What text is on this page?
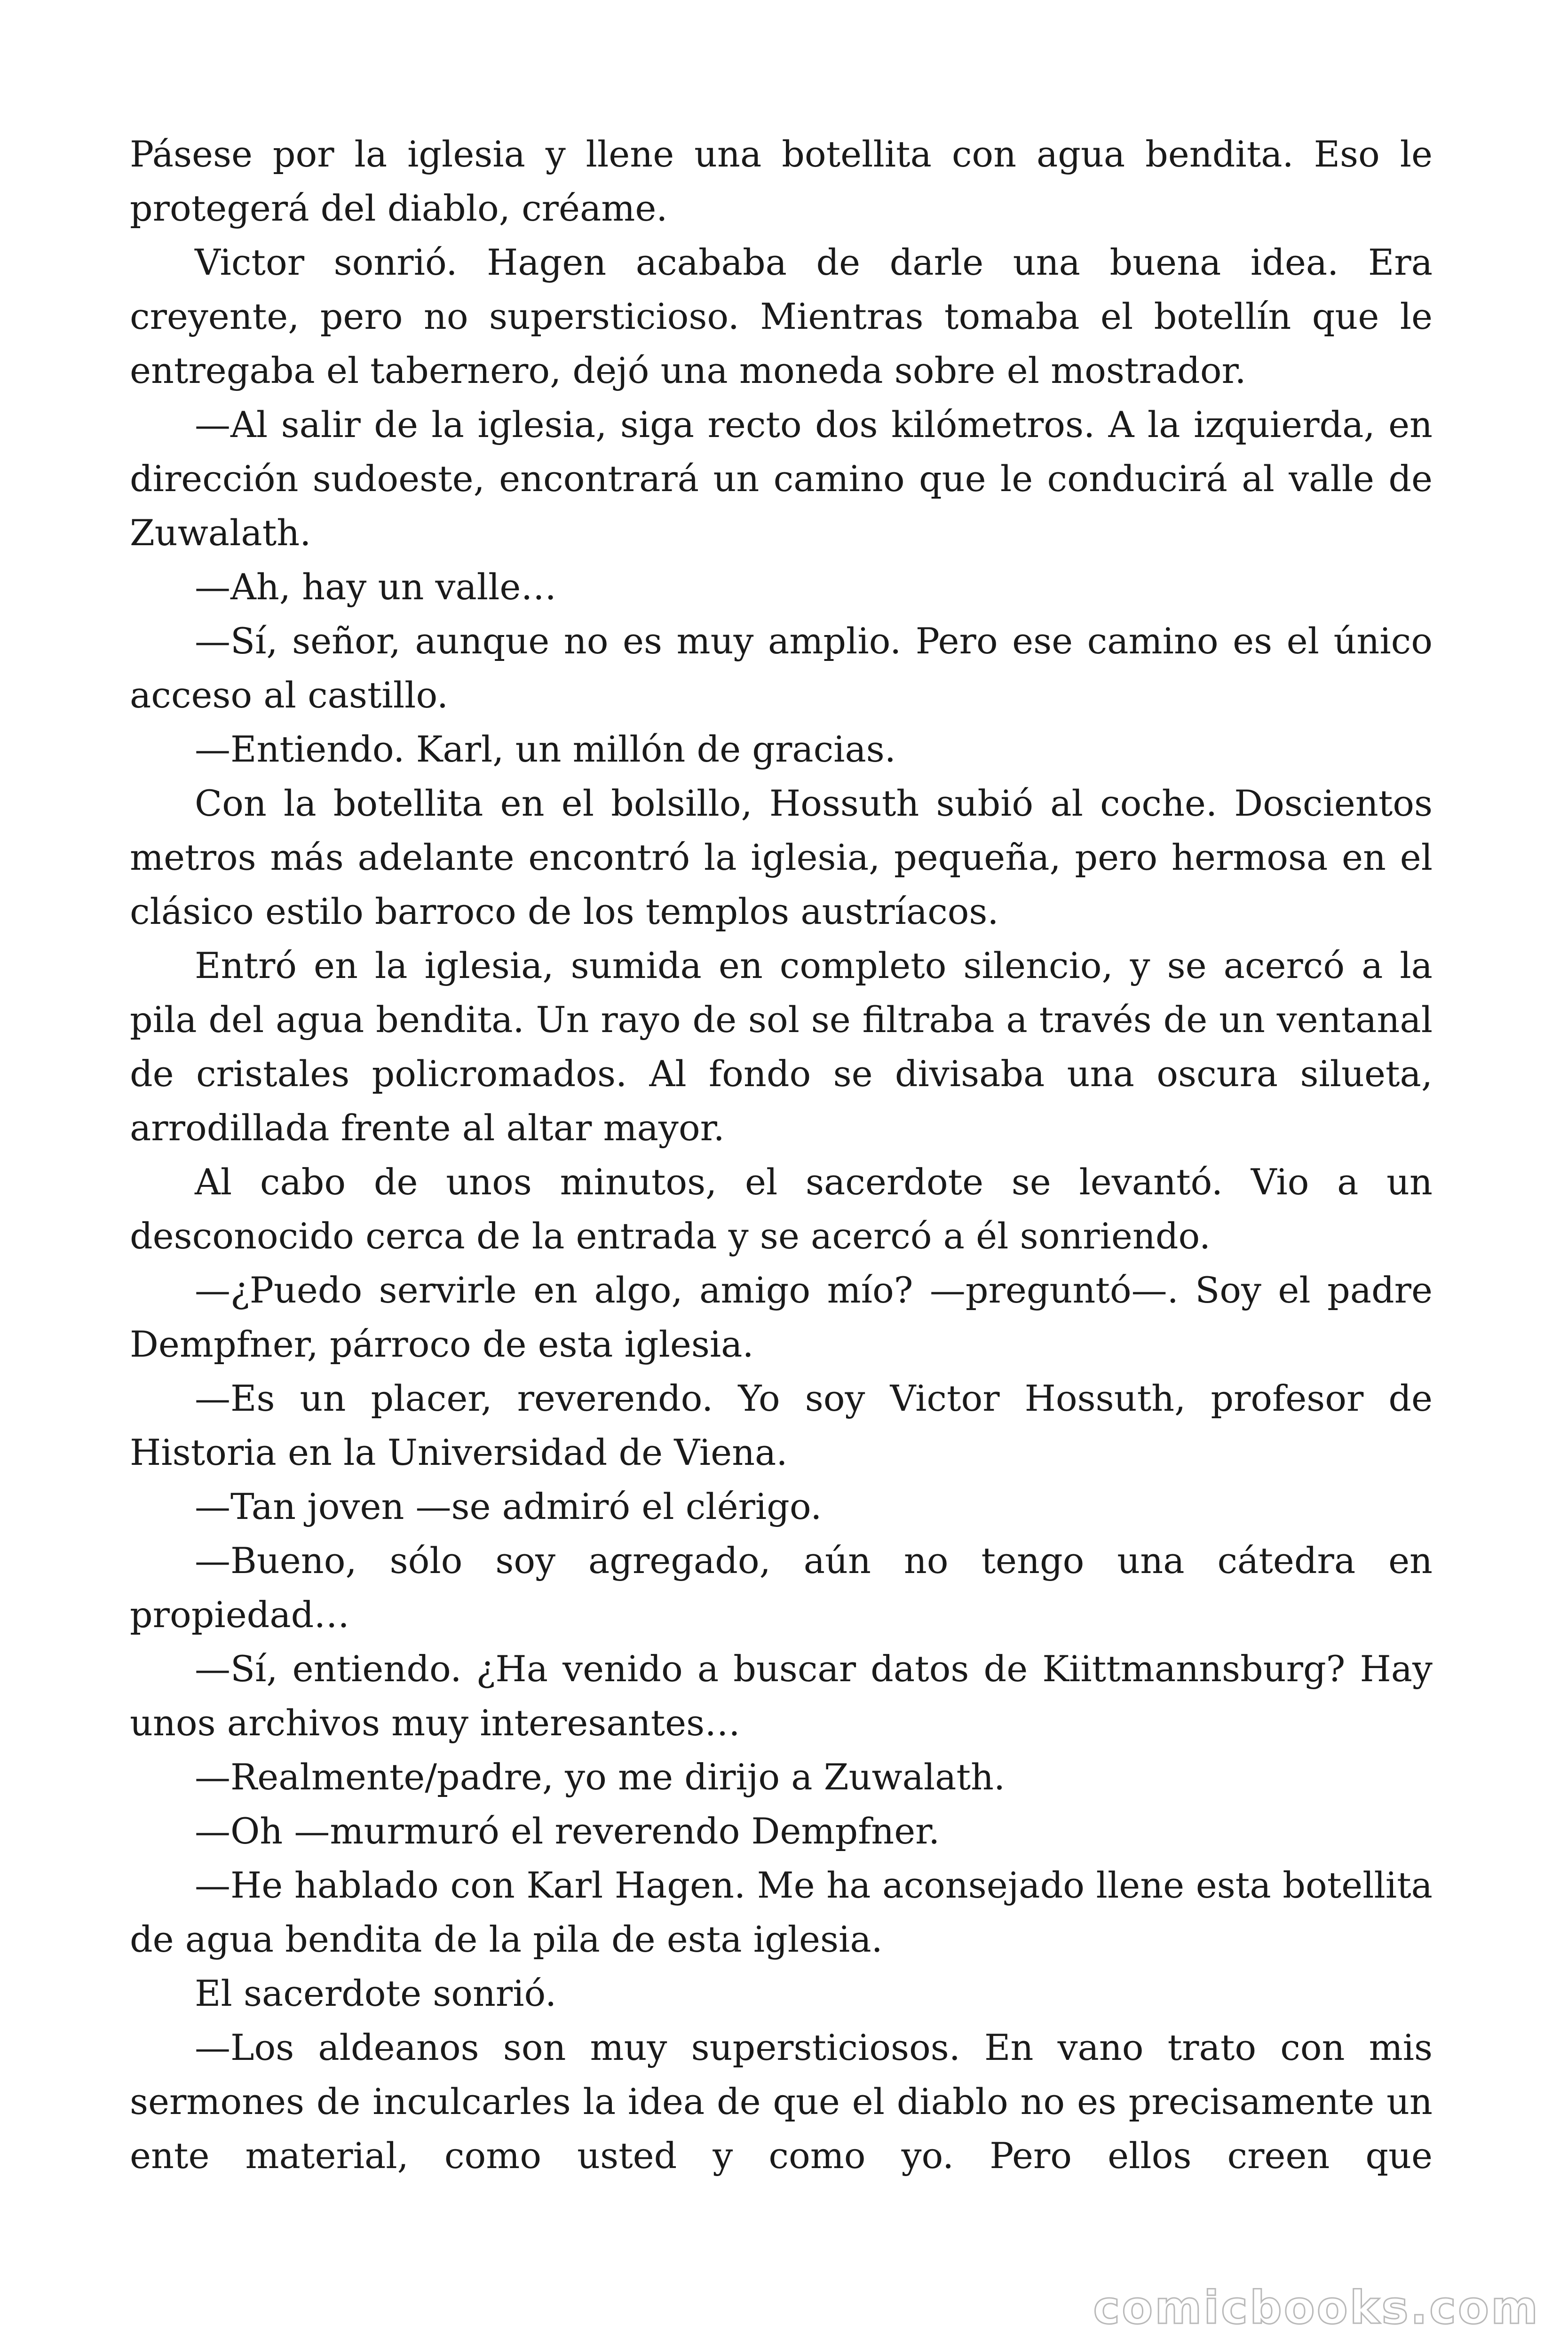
Pásese por la iglesia y llene una botellita con agua bendita. Eso le protegerá del diablo, créame.

Victor sonrió. Hagen acababa de darle una buena idea. Era creyente, pero no supersticioso. Mientras tomaba el botellín que le entregaba el tabernero, dejó una moneda sobre el mostrador.

—Al salir de la iglesia, siga recto dos kilómetros. A la izquierda, en dirección sudoeste, encontrará un camino que le conducirá al valle de Zuwalath.

—Ah, hay un valle…

—Sí, señor, aunque no es muy amplio. Pero ese camino es el único acceso al castillo.

—Entiendo. Karl, un millón de gracias.

Con la botellita en el bolsillo, Hossuth subió al coche. Doscientos metros más adelante encontró la iglesia, pequeña, pero hermosa en el clásico estilo barroco de los templos austríacos.

Entró en la iglesia, sumida en completo silencio, y se acercó a la pila del agua bendita. Un rayo de sol se filtraba a través de un ventanal de cristales policromados. Al fondo se divisaba una oscura silueta, arrodillada frente al altar mayor.

Al cabo de unos minutos, el sacerdote se levantó. Vio a un desconocido cerca de la entrada y se acercó a él sonriendo.

—¿Puedo servirle en algo, amigo mío? —preguntó—. Soy el padre Dempfner, párroco de esta iglesia.

—Es un placer, reverendo. Yo soy Victor Hossuth, profesor de Historia en la Universidad de Viena.

—Tan joven —se admiró el clérigo.

—Bueno, sólo soy agregado, aún no tengo una cátedra en propiedad…

—Sí, entiendo. ¿Ha venido a buscar datos de Kiittmannsburg? Hay unos archivos muy interesantes…

—Realmente/padre, yo me dirijo a Zuwalath.

—Oh —murmuró el reverendo Dempfner.

—He hablado con Karl Hagen. Me ha aconsejado llene esta botellita de agua bendita de la pila de esta iglesia.

El sacerdote sonrió.

—Los aldeanos son muy supersticiosos. En vano trato con mis sermones de inculcarles la idea de que el diablo no es precisamente un ente material, como usted y como yo. Pero ellos creen que

comicbooks.com
